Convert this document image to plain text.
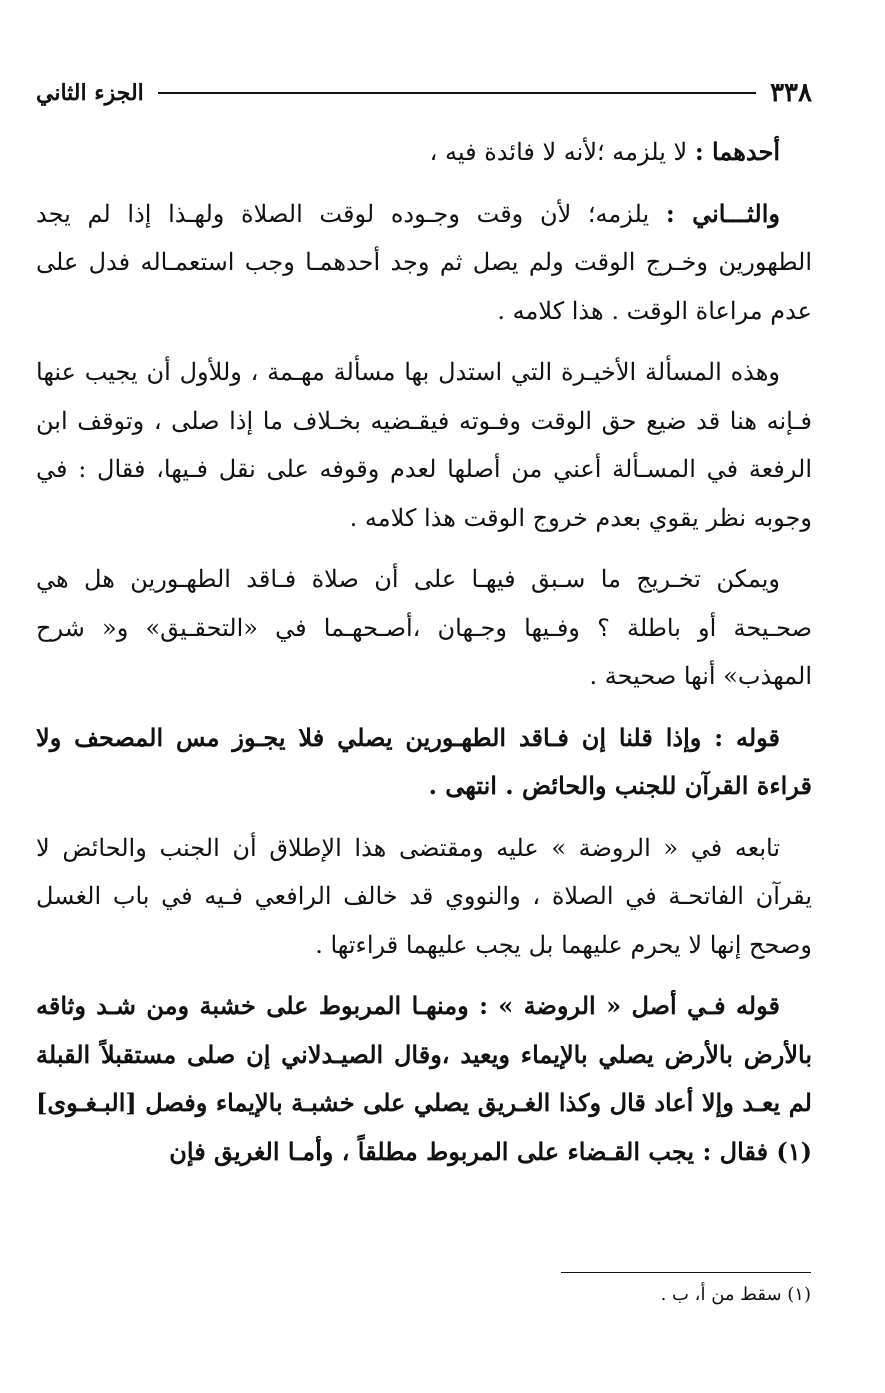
٣٣٨
الجزء الثاني

أحدهما : لا يلزمه ؛لأنه لا فائدة فيه ،

والثـــاني : يلزمه؛ لأن وقت وجـوده لوقت الصلاة ولهـذا إذا لم يجد الطهورين وخـرج الوقت ولم يصل ثم وجد أحدهمـا وجب استعمـاله فدل على عدم مراعاة الوقت . هذا كلامه .

وهذه المسألة الأخيـرة التي استدل بها مسألة مهـمة ، وللأول أن يجيب عنها فـإنه هنا قد ضيع حق الوقت وفـوته فيقـضيه بخـلاف ما إذا صلى ، وتوقف ابن الرفعة في المسـألة أعني من أصلها لعدم وقوفه على نقل فـيها، فقال : في وجوبه نظر يقوي بعدم خروج الوقت هذا كلامه .

ويمكن تخـريج ما سـبق فيهـا على أن صلاة فـاقد الطهـورين هل هي صحـيحة أو باطلة ؟ وفـيها وجـهان ،أصـحهـما في «التحقـيق» و« شرح المهذب» أنها صحيحة .

قوله : وإذا قلنا إن فـاقد الطهـورين يصلي فلا يجـوز مس المصحف ولا قراءة القرآن للجنب والحائض . انتهى .

تابعه في « الروضة » عليه ومقتضى هذا الإطلاق أن الجنب والحائض لا يقرآن الفاتحـة في الصلاة ، والنووي قد خالف الرافعي فـيه في باب الغسل وصحح إنها لا يحرم عليهما بل يجب عليهما قراءتها .

قوله فـي أصل « الروضة » : ومنهـا المربوط على خشبة ومن شـد وثاقه بالأرض بالأرض يصلي بالإيماء ويعيد ،وقال الصيـدلاني إن صلى مستقبلاً القبلة لم يعـد وإلا أعاد قال وكذا الغـريق يصلي على خشبـة بالإيماء وفصل [البـغـوى] (١) فقال : يجب القـضاء على المربوط مطلقاً ، وأمـا الغريق فإن

(١) سقط من أ، ب .
